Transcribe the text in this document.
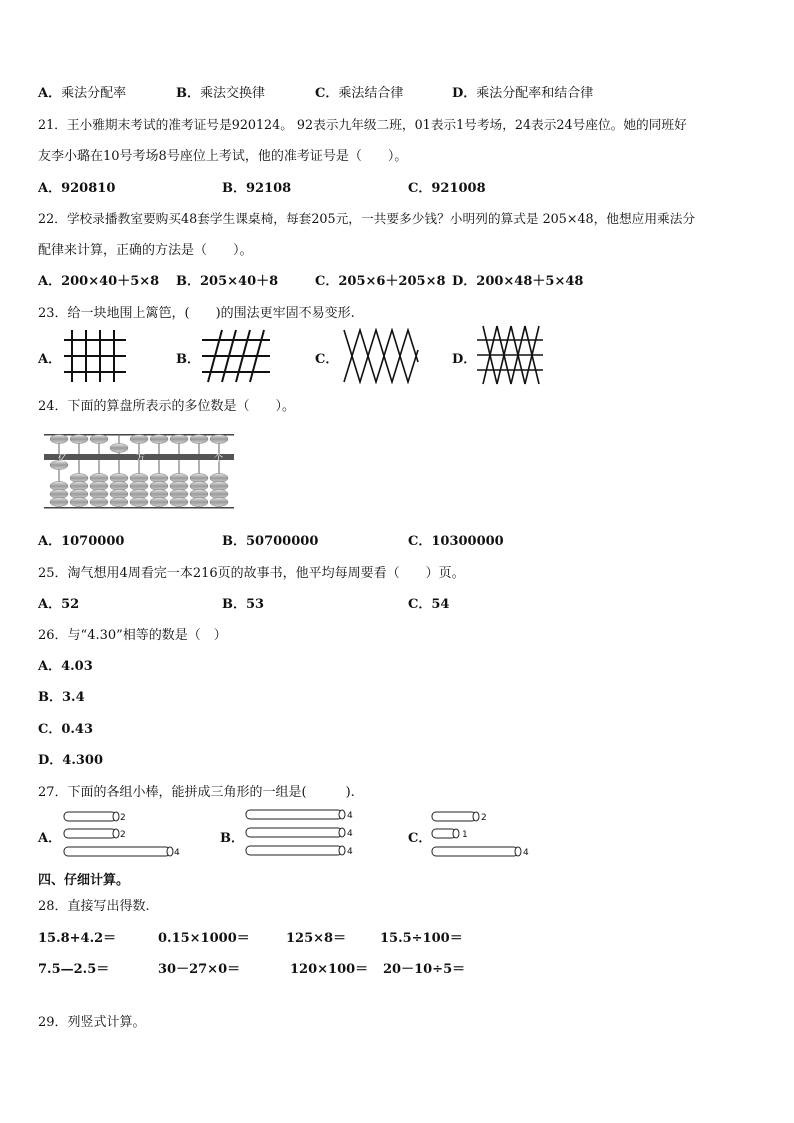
A．乘法分配率	B．乘法交换律	C．乘法结合律	D．乘法分配率和结合律
21．王小雅期末考试的准考证号是920124。 92表示九年级二班，01表示1号考场，24表示24号座位。她的同班好
友李小璐在10号考场8号座位上考试，他的准考证号是（　　）。
A．920810	B．92108	C．921008
22．学校录播教室要购买48套学生课桌椅，每套205元，一共要多少钱？小明列的算式是 205×48，他想应用乘法分
配律来计算，正确的方法是（　　）。
A．200×40＋5×8 B．205×40＋8	C．205×6＋205×8 D．200×48＋5×48
23．给一块地围上篱笆，(　　)的围法更牢固不易变形.
A．	B．	C．	D．
24．下面的算盘所表示的多位数是（　　）。
亿	万	个
A．1070000	B．50700000	C．10300000
25．淘气想用4周看完一本216页的故事书，他平均每周要看（　　）页。
A．52	B．53	C．54
26．与“4.30”相等的数是（　）
A．4.03
B．3.4
C．0.43
D．4.300
27．下面的各组小棒，能拼成三角形的一组是(　　　).
A．
2
2
4
B．
4
4
4
C．
2
1
4
四、仔细计算。
28．直接写出得数.
15.8+4.2＝	0.15×1000＝	125×8＝	15.5÷100＝
7.5—2.5＝	30－27×0＝	120×100＝ 20－10÷5＝
29．列竖式计算。
